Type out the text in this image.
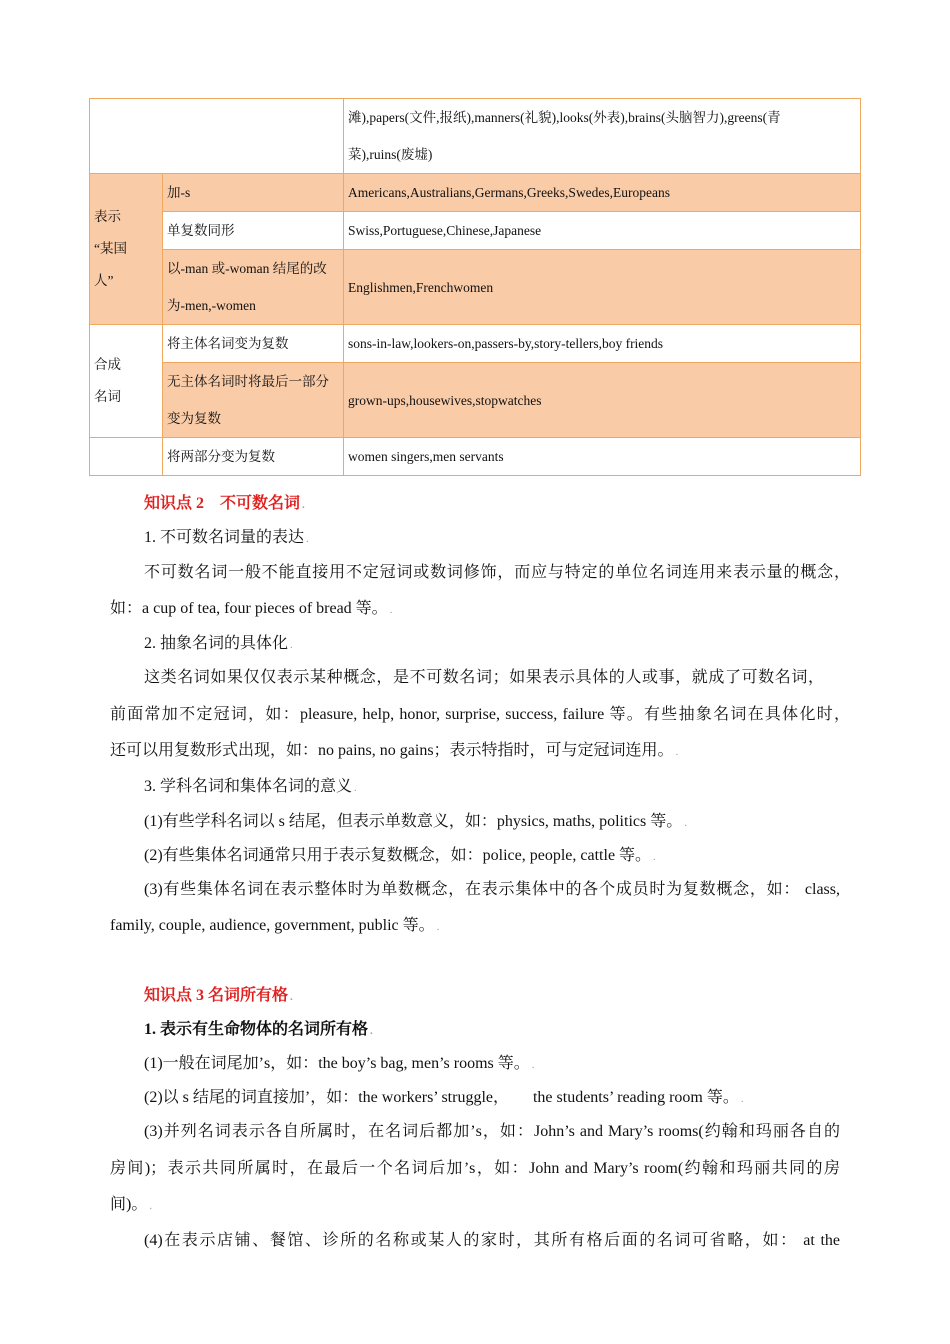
		滩),papers(文件,报纸),manners(礼貌),looks(外表),brains(头脑智力),greens(青
菜),ruins(废墟)

表示
“某国
人”	加-s	Americans,Australians,Germans,Greeks,Swedes,Europeans
	单复数同形	Swiss,Portuguese,Chinese,Japanese
	以-man 或-woman 结尾的改
为-men,-women	Englishmen,Frenchwomen

合成
名词	将主体名词变为复数	sons-in-law,lookers-on,passers-by,story-tellers,boy friends
	无主体名词时将最后一部分
变为复数	grown-ups,housewives,stopwatches
	将两部分变为复数	women singers,men servants
知识点 2　不可数名词 .
1. 不可数名词量的表达 .
不可数名词一般不能直接用不定冠词或数词修饰，而应与特定的单位名词连用来表示量的概念，
如：a cup of tea, four pieces of bread 等。 .
2. 抽象名词的具体化 .
这类名词如果仅仅表示某种概念，是不可数名词；如果表示具体的人或事，就成了可数名词，
前面常加不定冠词，如：pleasure, help, honor, surprise, success, failure 等。有些抽象名词在具体化时，
还可以用复数形式出现，如：no pains, no gains；表示特指时，可与定冠词连用。 .
3. 学科名词和集体名词的意义 .
(1)有些学科名词以 s 结尾，但表示单数意义，如：physics, maths, politics 等。 .
(2)有些集体名词通常只用于表示复数概念，如：police, people, cattle 等。 .
(3)有些集体名词在表示整体时为单数概念，在表示集体中的各个成员时为复数概念，如： class,
family, couple, audience, government, public 等。 .
知识点 3 名词所有格 .
1. 表示有生命物体的名词所有格 .
(1)一般在词尾加’s，如：the boy’s bag, men’s rooms 等。 .
(2)以 s 结尾的词直接加’，如：the workers’ struggle，      the students’ reading room 等。 .
(3)并列名词表示各自所属时，在名词后都加’s，如：John’s and Mary’s rooms(约翰和玛丽各自的
房间)；表示共同所属时，在最后一个名词后加’s，如：John and Mary’s room(约翰和玛丽共同的房
间)。 .
(4)在表示店铺、餐馆、诊所的名称或某人的家时，其所有格后面的名词可省略，如： at the
